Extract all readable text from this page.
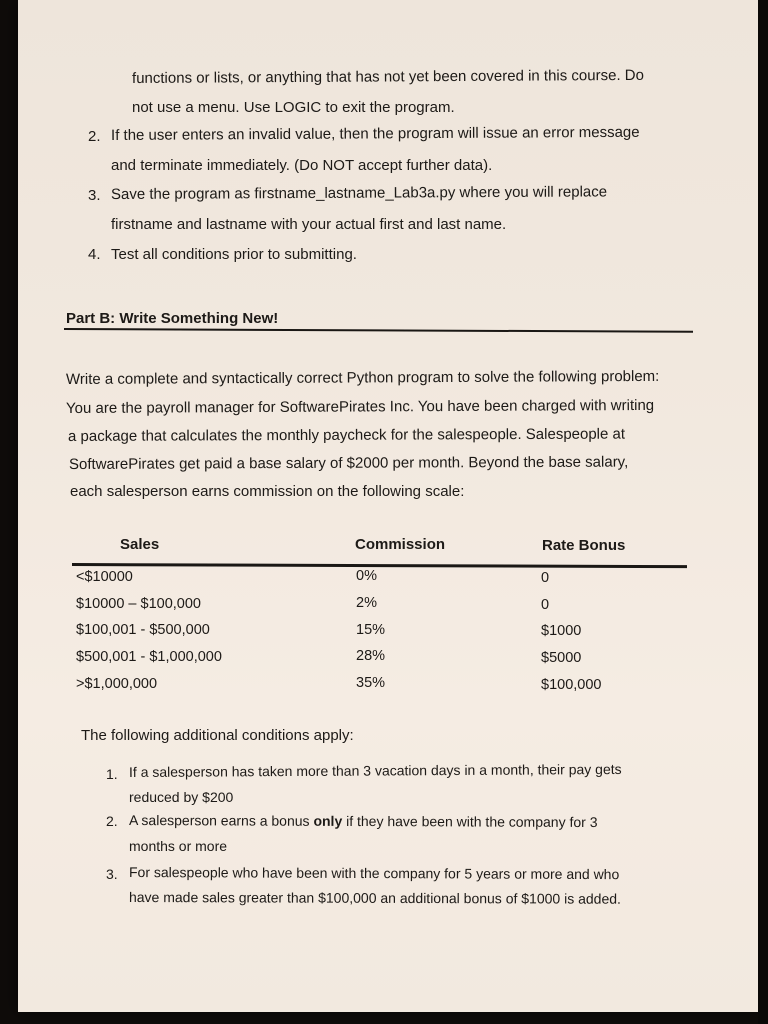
functions or lists, or anything that has not yet been covered in this course. Do
not use a menu. Use LOGIC to exit the program.
2. If the user enters an invalid value, then the program will issue an error message
and terminate immediately. (Do NOT accept further data).
3. Save the program as firstname_lastname_Lab3a.py where you will replace
firstname and lastname with your actual first and last name.
4. Test all conditions prior to submitting.
Part B: Write Something New!
Write a complete and syntactically correct Python program to solve the following problem:
You are the payroll manager for SoftwarePirates Inc. You have been charged with writing
a package that calculates the monthly paycheck for the salespeople. Salespeople at
SoftwarePirates get paid a base salary of $2000 per month. Beyond the base salary,
each salesperson earns commission on the following scale:
Sales	Commission	Rate Bonus
<$10000	0%	0
$10000 – $100,000	2%	0
$100,001 - $500,000	15%	$1000
$500,001 - $1,000,000	28%	$5000
>$1,000,000	35%	$100,000
The following additional conditions apply:
1. If a salesperson has taken more than 3 vacation days in a month, their pay gets
reduced by $200
2. A salesperson earns a bonus only if they have been with the company for 3
months or more
3. For salespeople who have been with the company for 5 years or more and who
have made sales greater than $100,000 an additional bonus of $1000 is added.
